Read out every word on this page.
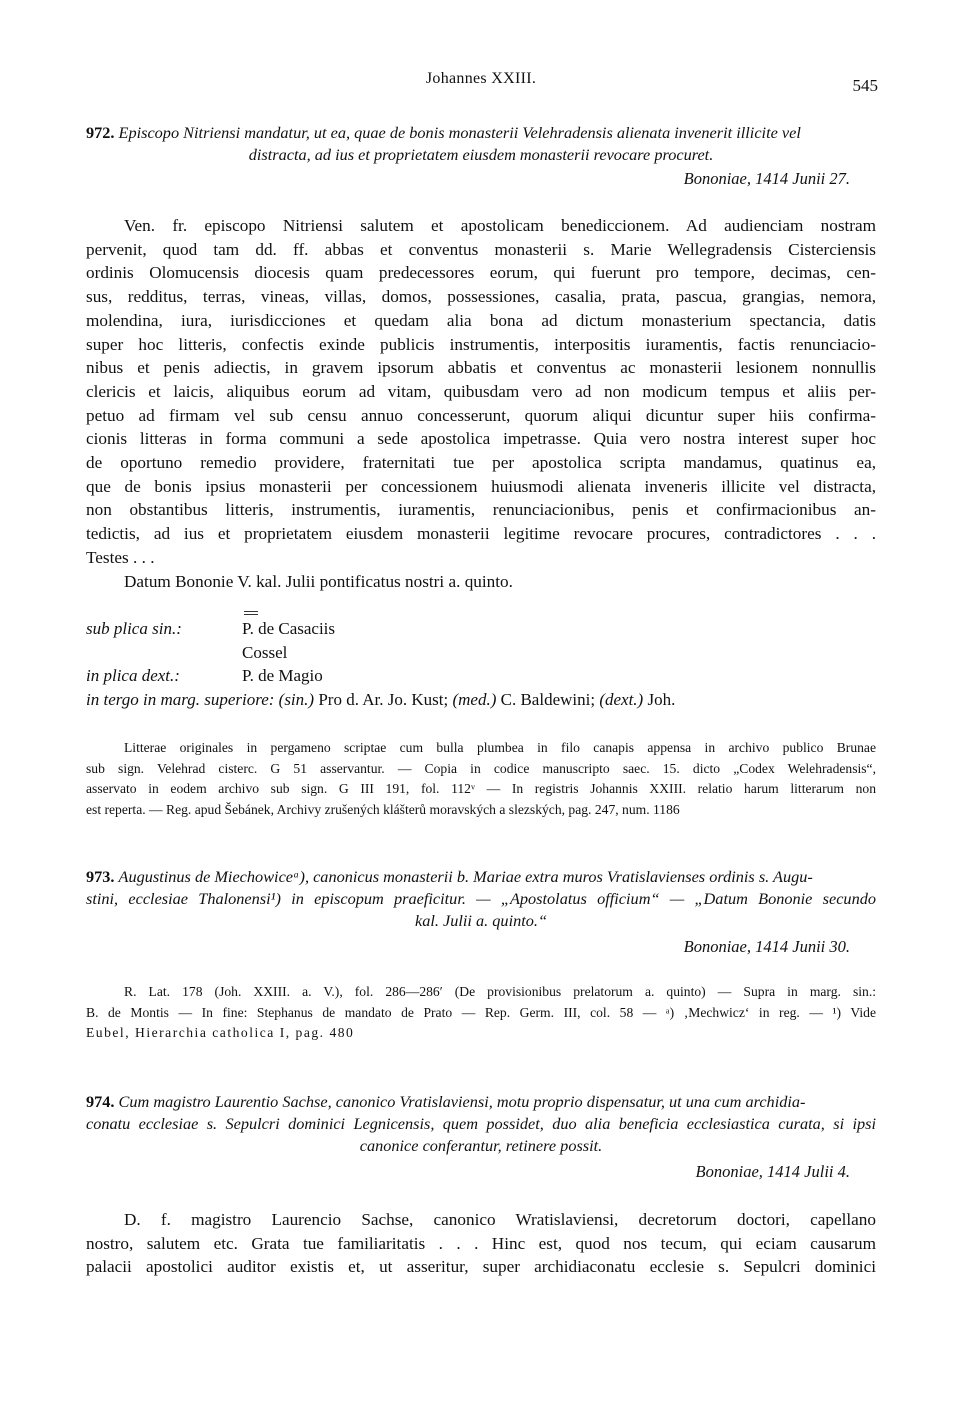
Johannes XXIII.	545
972. Episcopo Nitriensi mandatur, ut ea, quae de bonis monasterii Velehradensis alienata invenerit illicite vel
distracta, ad ius et proprietatem eiusdem monasterii revocare procuret.
Bononiae, 1414 Junii 27.
Ven. fr. episcopo Nitriensi salutem et apostolicam benediccionem. Ad audienciam nostram
pervenit, quod tam dd. ff. abbas et conventus monasterii s. Marie Wellegradensis Cisterciensis
ordinis Olomucensis diocesis quam predecessores eorum, qui fuerunt pro tempore, decimas, cen-
sus, redditus, terras, vineas, villas, domos, possessiones, casalia, prata, pascua, grangias, nemora,
molendina, iura, iurisdicciones et quedam alia bona ad dictum monasterium spectancia, datis
super hoc litteris, confectis exinde publicis instrumentis, interpositis iuramentis, factis renunciacio-
nibus et penis adiectis, in gravem ipsorum abbatis et conventus ac monasterii lesionem nonnullis
clericis et laicis, aliquibus eorum ad vitam, quibusdam vero ad non modicum tempus et aliis per-
petuo ad firmam vel sub censu annuo concesserunt, quorum aliqui dicuntur super hiis confirma-
cionis litteras in forma communi a sede apostolica impetrasse. Quia vero nostra interest super hoc
de oportuno remedio providere, fraternitati tue per apostolica scripta mandamus, quatinus ea,
que de bonis ipsius monasterii per concessionem huiusmodi alienata inveneris illicite vel distracta,
non obstantibus litteris, instrumentis, iuramentis, renunciacionibus, penis et confirmacionibus an-
tedictis, ad ius et proprietatem eiusdem monasterii legitime revocare procures, contradictores . . .
Testes . . .
Datum Bononie V. kal. Julii pontificatus nostri a. quinto.
sub plica sin.:	P. de Casaciis
Cossel
in plica dext.:	P. de Magio
in tergo in marg. superiore: (sin.) Pro d. Ar. Jo. Kust; (med.) C. Baldewini; (dext.) Joh.
Litterae originales in pergameno scriptae cum bulla plumbea in filo canapis appensa in archivo publico Brunae
sub sign. Velehrad cisterc. G 51 asservantur. — Copia in codice manuscripto saec. 15. dicto „Codex Welehradensis“,
asservato in eodem archivo sub sign. G III 191, fol. 112ᵛ — In registris Johannis XXIII. relatio harum litterarum non
est reperta. — Reg. apud Šebánek, Archivy zrušených klášterů moravských a slezských, pag. 247, num. 1186
973. Augustinus de Miechowiceᵃ), canonicus monasterii b. Mariae extra muros Vratislavienses ordinis s. Augu-
stini, ecclesiae Thalonensi¹) in episcopum praeficitur. — „Apostolatus officium“ — „Datum Bononie secundo
kal. Julii a. quinto.“
Bononiae, 1414 Junii 30.
R. Lat. 178 (Joh. XXIII. a. V.), fol. 286—286′ (De provisionibus prelatorum a. quinto) — Supra in marg. sin.:
B. de Montis — In fine: Stephanus de mandato de Prato — Rep. Germ. III, col. 58 — ᵃ) ‚Mechwicz‘ in reg. — ¹) Vide
Eubel, Hierarchia catholica I, pag. 480
974. Cum magistro Laurentio Sachse, canonico Vratislaviensi, motu proprio dispensatur, ut una cum archidia-
conatu ecclesiae s. Sepulcri dominici Legnicensis, quem possidet, duo alia beneficia ecclesiastica curata, si ipsi
canonice conferantur, retinere possit.
Bononiae, 1414 Julii 4.
D. f. magistro Laurencio Sachse, canonico Wratislaviensi, decretorum doctori, capellano
nostro, salutem etc. Grata tue familiaritatis . . . Hinc est, quod nos tecum, qui eciam causarum
palacii apostolici auditor existis et, ut asseritur, super archidiaconatu ecclesie s. Sepulcri dominici
